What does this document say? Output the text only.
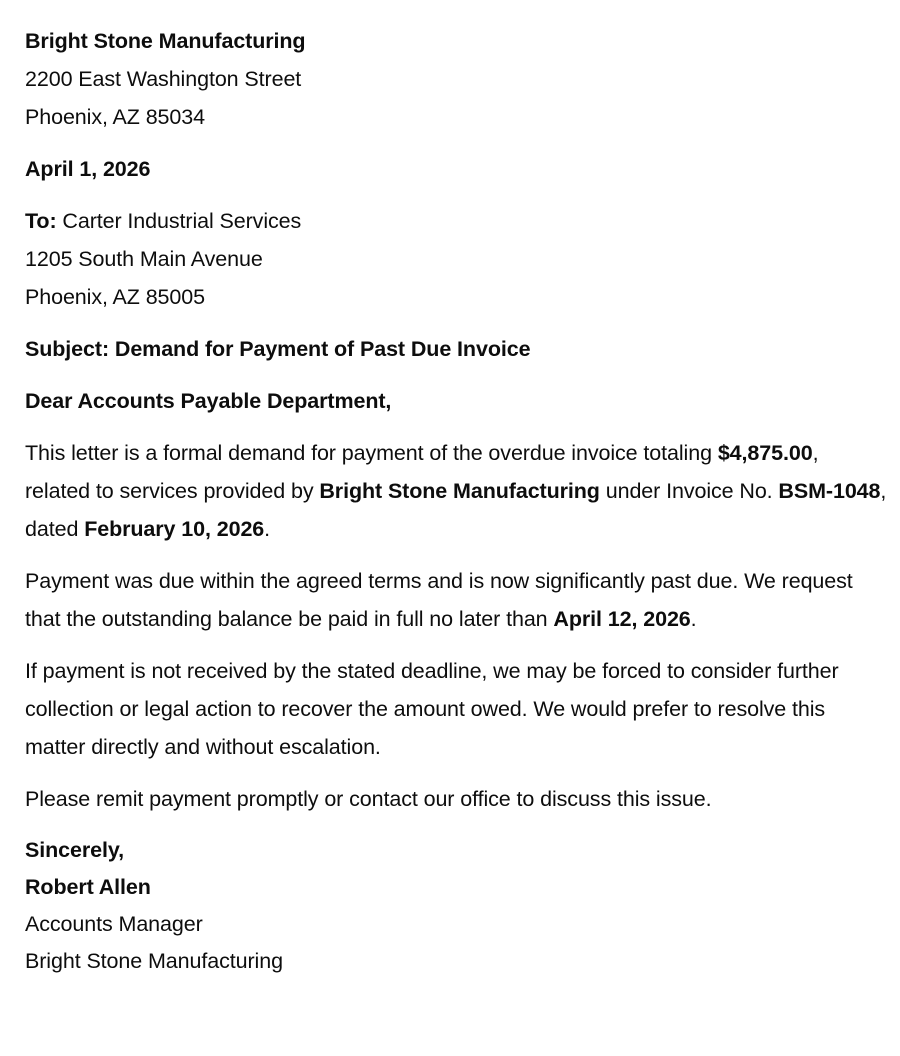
Bright Stone Manufacturing
2200 East Washington Street
Phoenix, AZ 85034
April 1, 2026
To: Carter Industrial Services
1205 South Main Avenue
Phoenix, AZ 85005
Subject: Demand for Payment of Past Due Invoice
Dear Accounts Payable Department,
This letter is a formal demand for payment of the overdue invoice totaling $4,875.00, related to services provided by Bright Stone Manufacturing under Invoice No. BSM-1048, dated February 10, 2026.
Payment was due within the agreed terms and is now significantly past due. We request that the outstanding balance be paid in full no later than April 12, 2026.
If payment is not received by the stated deadline, we may be forced to consider further collection or legal action to recover the amount owed. We would prefer to resolve this matter directly and without escalation.
Please remit payment promptly or contact our office to discuss this issue.
Sincerely,
Robert Allen
Accounts Manager
Bright Stone Manufacturing
